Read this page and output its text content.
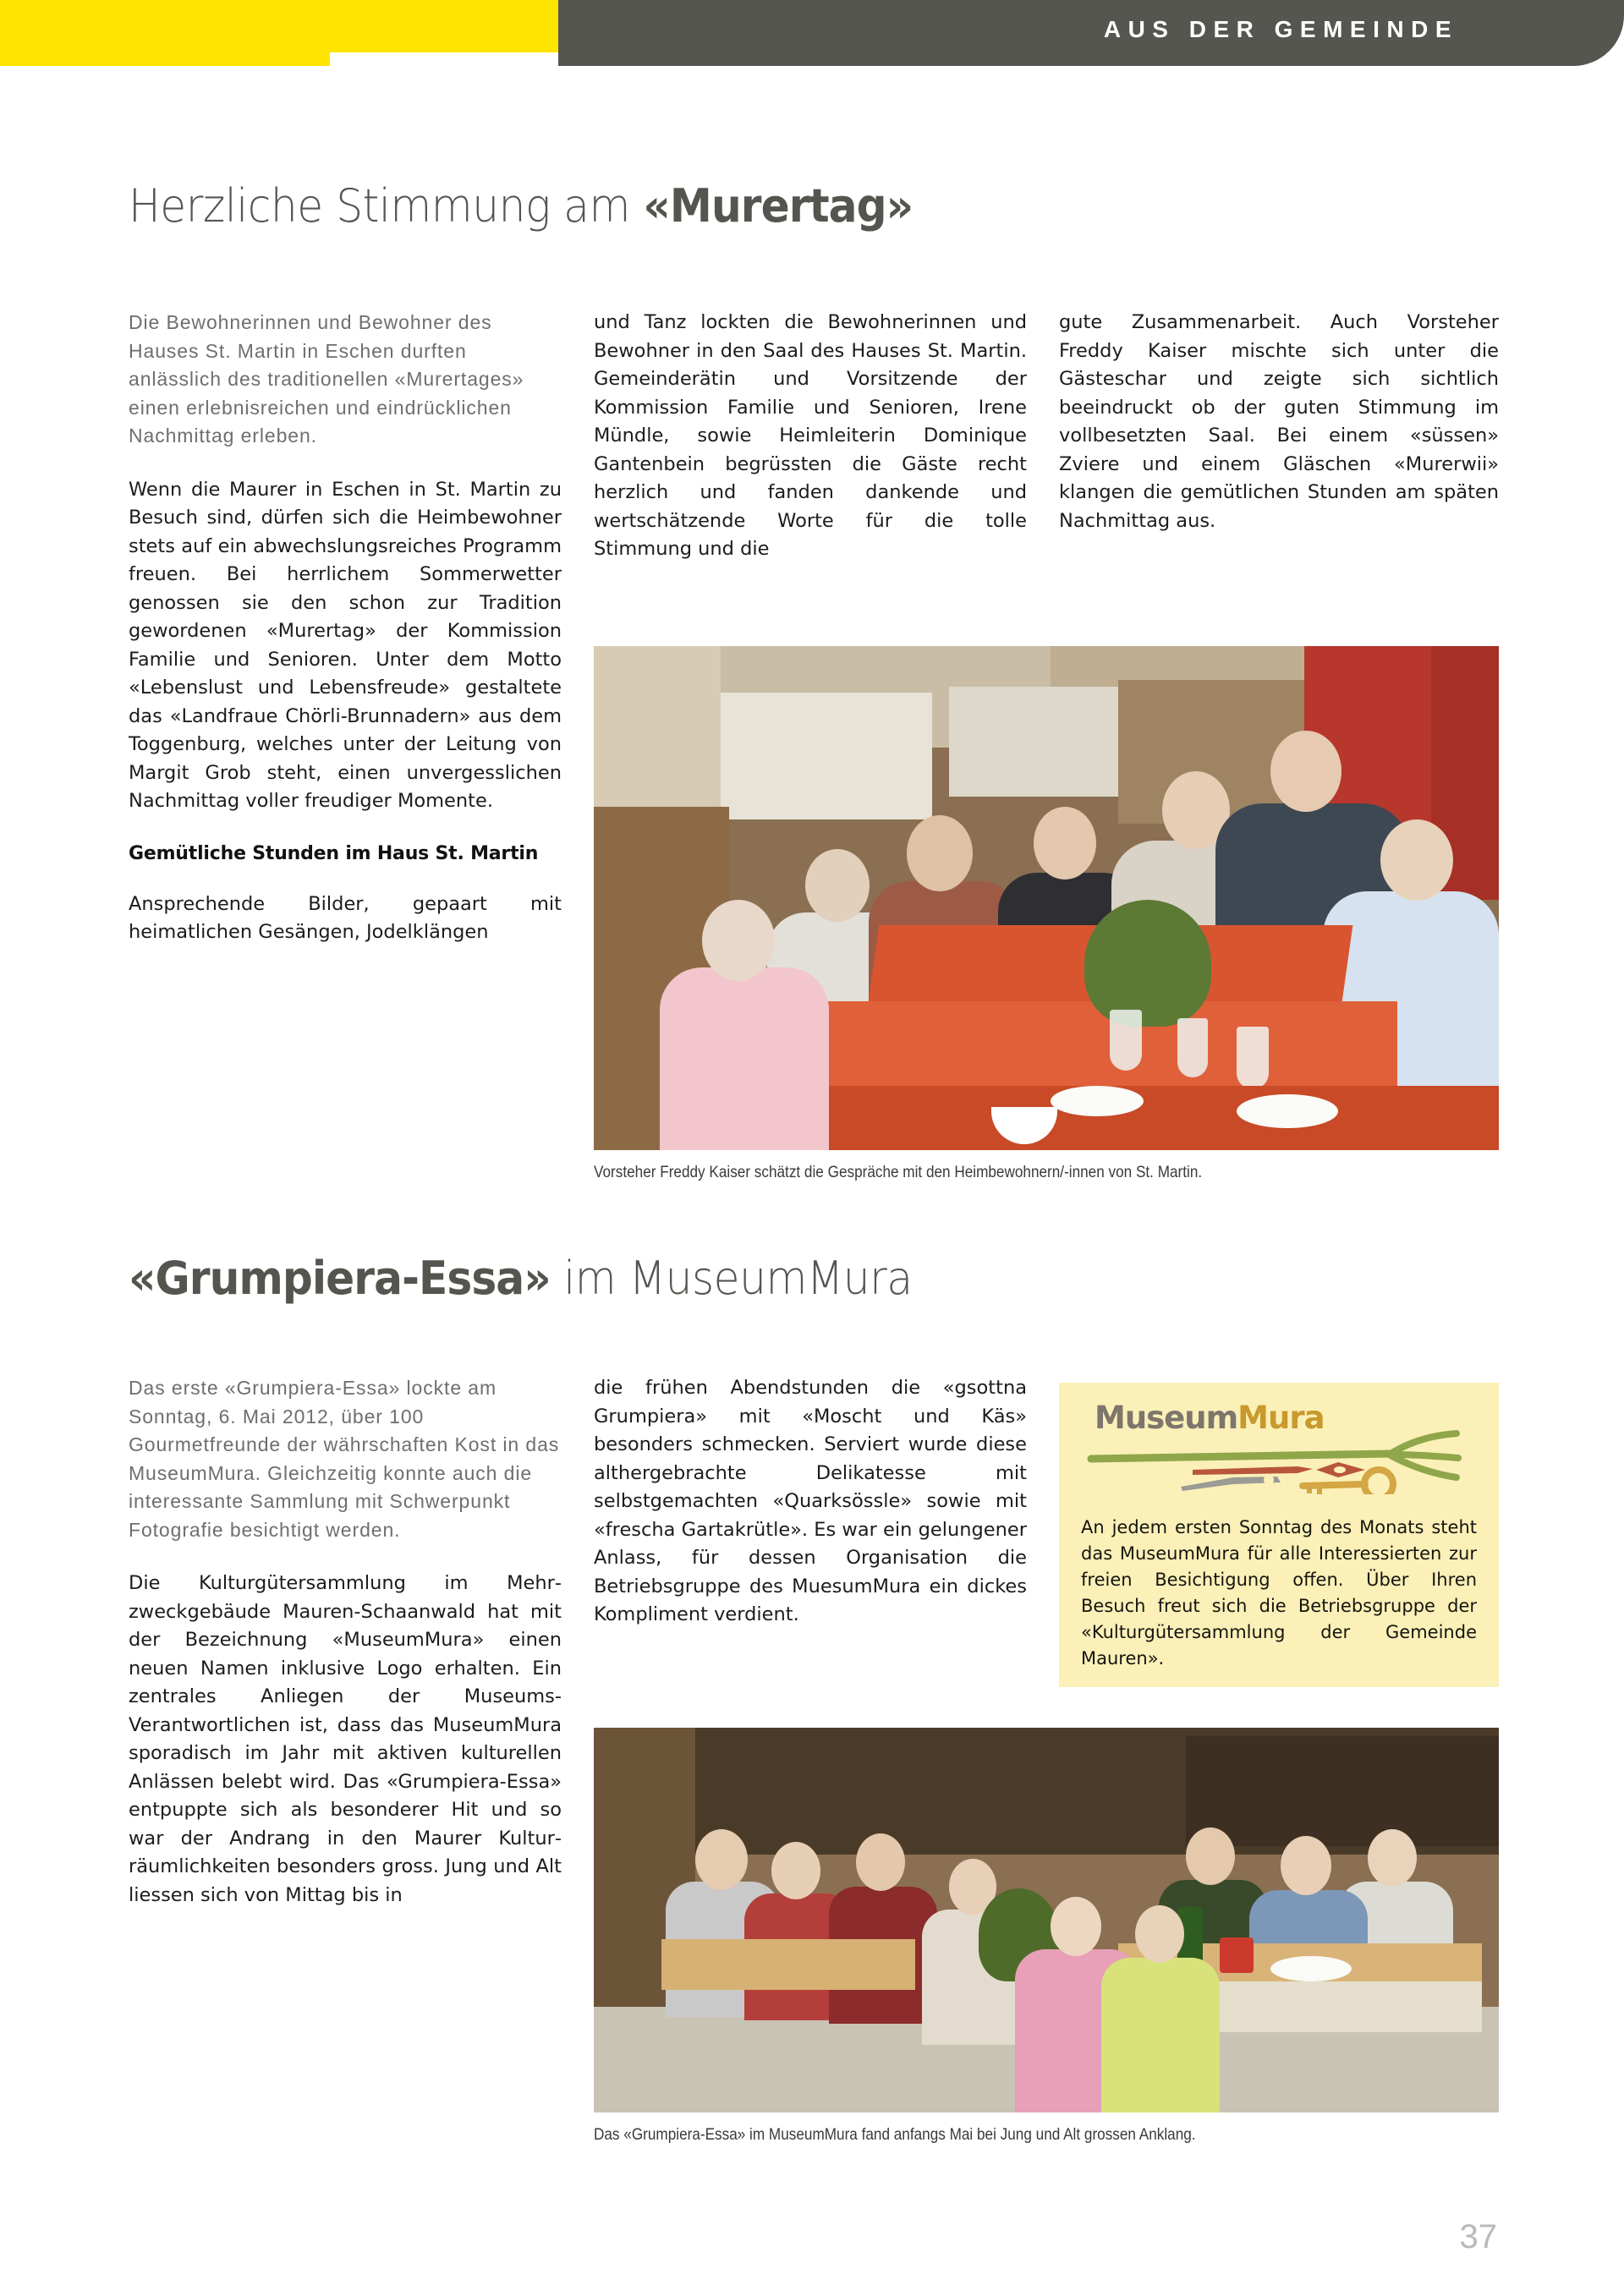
AUS DER GEMEINDE
Herzliche Stimmung am «Murertag»

Die Bewohnerinnen und Bewohner des Hauses St. Martin in Eschen durften anlässlich des traditionellen «Murertages» einen erlebnisreichen und eindrücklichen Nachmittag erleben.

Wenn die Maurer in Eschen in St. Martin zu Besuch sind, dürfen sich die Heimbewohner stets auf ein abwechslungsreiches Programm freuen. Bei herrlichem Sommerwetter genossen sie den schon zur Tradition gewordenen «Murertag» der Kommission Familie und Senioren. Unter dem Motto «Lebenslust und Lebensfreude» gestaltete das «Landfraue Chörli-Brunnadern» aus dem Toggenburg, welches unter der Leitung von Margit Grob steht, einen unvergesslichen Nachmittag voller freudiger Momente.

Gemütliche Stunden im Haus St. Martin

Ansprechende Bilder, gepaart mit heimatlichen Gesängen, Jodelklängen

und Tanz lockten die Bewohnerinnen und Bewohner in den Saal des Hauses St. Martin. Gemeinderätin und Vorsitzende der Kommission Familie und Senioren, Irene Mündle, sowie Heimleiterin Dominique Gantenbein begrüssten die Gäste recht herzlich und fanden dankende und wertschätzende Worte für die tolle Stimmung und die

gute Zusammenarbeit. Auch Vorsteher Freddy Kaiser mischte sich unter die Gästeschar und zeigte sich sichtlich beeindruckt ob der guten Stimmung im vollbesetzten Saal. Bei einem «süssen» Zviere und einem Gläschen «Murerwii» klangen die gemütlichen Stunden am späten Nachmittag aus.

Vorsteher Freddy Kaiser schätzt die Gespräche mit den Heimbewohnern/-innen von St. Martin.
«Grumpiera-Essa» im MuseumMura

Das erste «Grumpiera-Essa» lockte am Sonntag, 6. Mai 2012, über 100 Gourmetfreunde der währschaften Kost in das MuseumMura. Gleichzeitig konnte auch die interessante Sammlung mit Schwerpunkt Fotografie besichtigt werden.

Die Kulturgütersammlung im Mehrzweckgebäude Mauren-Schaanwald hat mit der Bezeichnung «MuseumMura» einen neuen Namen inklusive Logo erhalten. Ein zentrales Anliegen der Museums-Verantwortlichen ist, dass das MuseumMura sporadisch im Jahr mit aktiven kulturellen Anlässen belebt wird. Das «Grumpiera-Essa» entpuppte sich als besonderer Hit und so war der Andrang in den Maurer Kulturräumlichkeiten besonders gross. Jung und Alt liessen sich von Mittag bis in

die frühen Abendstunden die «gsottna Grumpiera» mit «Moscht und Käs» besonders schmecken. Serviert wurde diese althergebrachte Delikatesse mit selbstgemachten «Quarksössle» sowie mit «frescha Gartakrütle». Es war ein gelungener Anlass, für dessen Organisation die Betriebsgruppe des MuesumMura ein dickes Kompliment verdient.

MuseumMura

An jedem ersten Sonntag des Monats steht das MuseumMura für alle Interessierten zur freien Besichtigung offen. Über Ihren Besuch freut sich die Betriebsgruppe der «Kulturgütersammlung der Gemeinde Mauren».

Das «Grumpiera-Essa» im MuseumMura fand anfangs Mai bei Jung und Alt grossen Anklang.
37
